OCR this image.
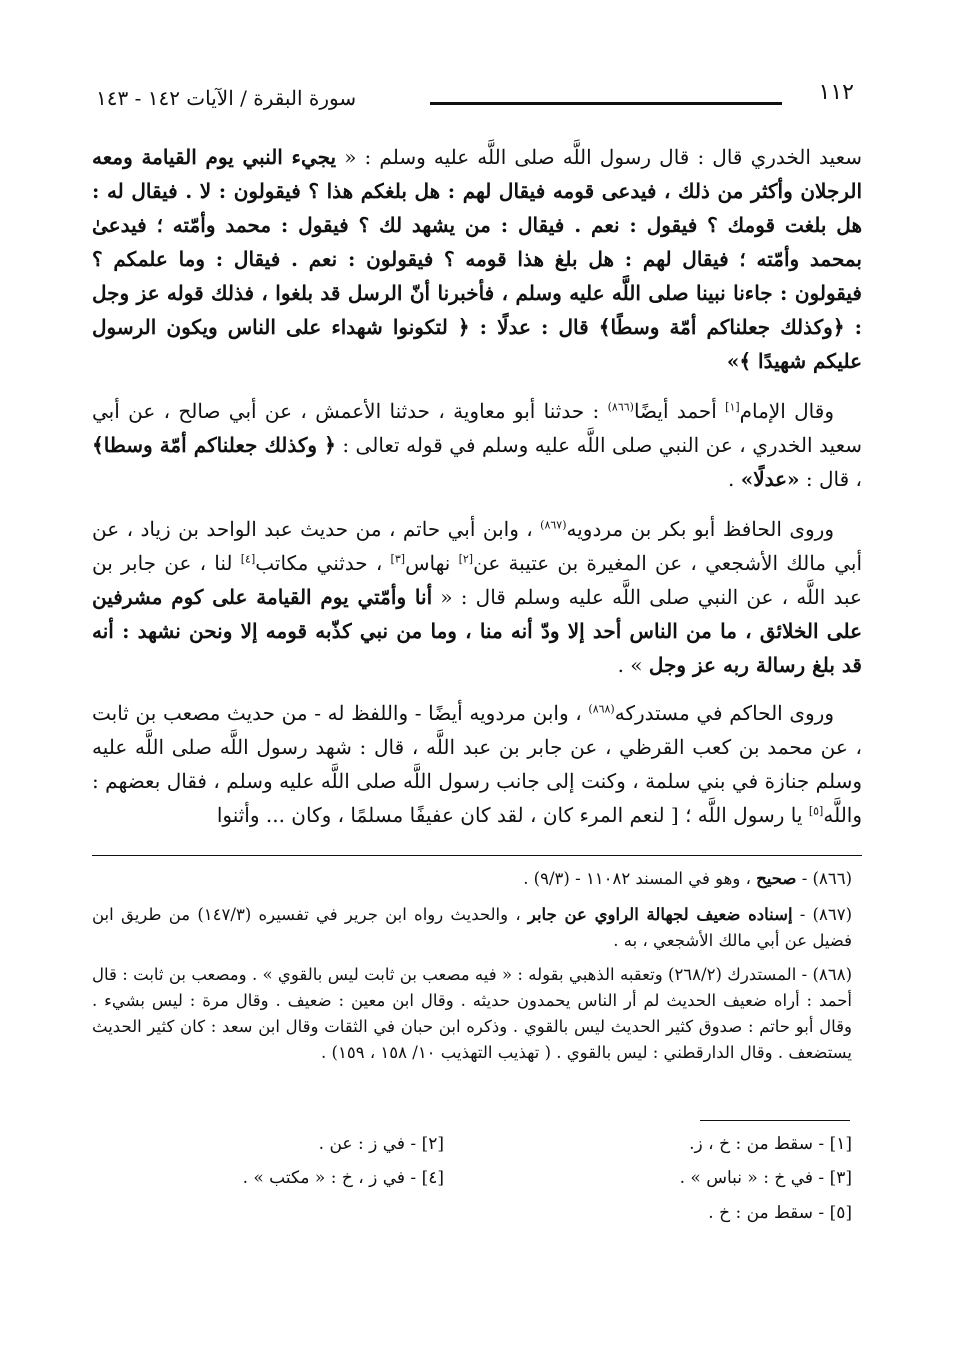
١١٢
سورة البقرة / الآيات ١٤٢ - ١٤٣
سعيد الخدري قال : قال رسول اللَّه صلى اللَّه عليه وسلم : « يجيء النبي يوم القيامة ومعه الرجلان وأكثر من ذلك ، فيدعى قومه فيقال لهم : هل بلغكم هذا ؟ فيقولون : لا . فيقال له : هل بلغت قومك ؟ فيقول : نعم . فيقال : من يشهد لك ؟ فيقول : محمد وأمّته ؛ فيدعىٰ بمحمد وأمّته ؛ فيقال لهم : هل بلغ هذا قومه ؟ فيقولون : نعم . فيقال : وما علمكم ؟ فيقولون : جاءنا نبينا صلى اللَّه عليه وسلم ، فأخبرنا أنّ الرسل قد بلغوا ، فذلك قوله عز وجل : ﴿وكذلك جعلناكم أمّة وسطًا﴾ قال : عدلًا : ﴿ لتكونوا شهداء على الناس ويكون الرسول عليكم شهيدًا ﴾»
وقال الإمام[١] أحمد أيضًا$^{(٨٦٦)}$ : حدثنا أبو معاوية ، حدثنا الأعمش ، عن أبي صالح ، عن أبي سعيد الخدري ، عن النبي صلى اللَّه عليه وسلم في قوله تعالى : ﴿ وكذلك جعلناكم أمّة وسطا﴾ ، قال : «عدلًا» .
وروى الحافظ أبو بكر بن مردويه$^{(٨٦٧)}$ ، وابن أبي حاتم ، من حديث عبد الواحد بن زياد ، عن أبي مالك الأشجعي ، عن المغيرة بن عتيبة عن[٢] نهاس[٣] ، حدثني مكاتب[٤] لنا ، عن جابر بن عبد اللَّه ، عن النبي صلى اللَّه عليه وسلم قال : « أنا وأمّتي يوم القيامة على كوم مشرفين على الخلائق ، ما من الناس أحد إلا ودّ أنه منا ، وما من نبي كذّبه قومه إلا ونحن نشهد : أنه قد بلغ رسالة ربه عز وجل » .
وروى الحاكم في مستدركه$^{(٨٦٨)}$ ، وابن مردويه أيضًا - واللفظ له - من حديث مصعب بن ثابت ، عن محمد بن كعب القرظي ، عن جابر بن عبد اللَّه ، قال : شهد رسول اللَّه صلى اللَّه عليه وسلم جنازة في بني سلمة ، وكنت إلى جانب رسول اللَّه صلى اللَّه عليه وسلم ، فقال بعضهم : واللَّه[٥] يا رسول اللَّه ؛ [ لنعم المرء كان ، لقد كان عفيفًا مسلمًا ، وكان ... وأثنوا
(٨٦٦) - صحيح ، وهو في المسند ١١٠٨٢ - (٩/٣) .
(٨٦٧) - إسناده ضعيف لجهالة الراوي عن جابر ، والحديث رواه ابن جرير في تفسيره (١٤٧/٣) من طريق ابن فضيل عن أبي مالك الأشجعي ، به .
(٨٦٨) - المستدرك (٢٦٨/٢) وتعقبه الذهبي بقوله : « فيه مصعب بن ثابت ليس بالقوي » . ومصعب بن ثابت : قال أحمد : أراه ضعيف الحديث لم أر الناس يحمدون حديثه . وقال ابن معين : ضعيف . وقال مرة : ليس بشيء . وقال أبو حاتم : صدوق كثير الحديث ليس بالقوي . وذكره ابن حبان في الثقات وقال ابن سعد : كان كثير الحديث يستضعف . وقال الدارقطني : ليس بالقوي . ( تهذيب التهذيب ١٠/ ١٥٨ ، ١٥٩) .
[١] - سقط من : خ ، ز.
[٢] - في ز : عن .
[٣] - في خ : « نباس » .
[٤] - في ز ، خ : « مكتب » .
[٥] - سقط من : خ .
